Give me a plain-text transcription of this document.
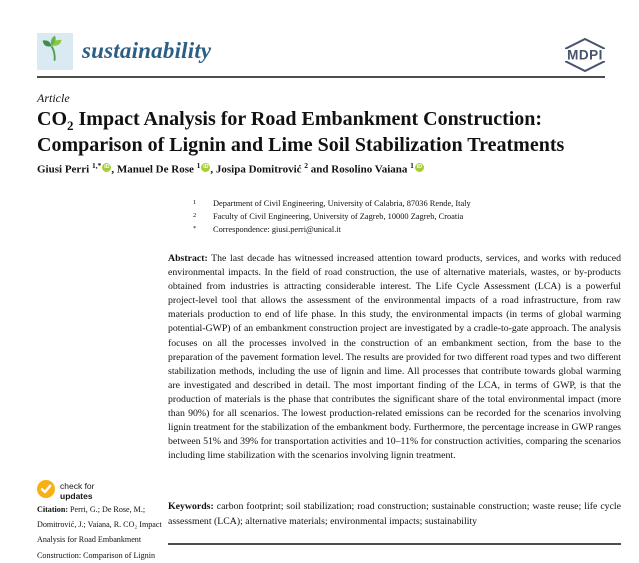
sustainability	MDPI
Article
$CO_2$ Impact Analysis for Road Embankment Construction:
Comparison of Lignin and Lime Soil Stabilization Treatments
Giusi Perri $^{1,*}$ iD , Manuel De Rose $^1$ iD , Josipa Domitrović $^2$ and Rosolino Vaiana $^1$ iD
1	Department of Civil Engineering, University of Calabria, 87036 Rende, Italy
2	Faculty of Civil Engineering, University of Zagreb, 10000 Zagreb, Croatia
*	Correspondence: giusi.perri@unical.it
Abstract: The last decade has witnessed increased attention toward products, services, and works with reduced environmental impacts. In the field of road construction, the use of alternative materials, wastes, or by-products obtained from industries is attracting considerable interest. The Life Cycle Assessment (LCA) is a powerful project-level tool that allows the assessment of the environmental impacts of a road infrastructure, from raw materials production to end of life phase. In this study, the environmental impacts (in terms of global warming potential-GWP) of an embankment construction project are investigated by a cradle-to-gate approach. The analysis focuses on all the processes involved in the construction of an embankment section, from the base to the preparation of the pavement formation level. The results are provided for two different road types and two different stabilization methods, including the use of lignin and lime. All processes that contribute towards global warming are investigated and described in detail. The most important finding of the LCA, in terms of GWP, is that the production of materials is the phase that contributes the significant share of the total environmental impact (more than 90%) for all scenarios. The lowest production-related emissions can be recorded for the scenarios involving lignin treatment for the stabilization of the embankment body. Furthermore, the percentage increase in GWP ranges between 51% and 39% for transportation activities and 10–11% for construction activities, comparing the scenarios including lime stabilization with the scenarios involving lignin treatment.
Keywords: carbon footprint; soil stabilization; road construction; sustainable construction; waste reuse; life cycle assessment (LCA); alternative materials; environmental impacts; sustainability
check for
updates
Citation: Perri, G.; De Rose, M.;
Domitrović, J.; Vaiana, R. CO₂ Impact
Analysis for Road Embankment
Construction: Comparison of Lignin
